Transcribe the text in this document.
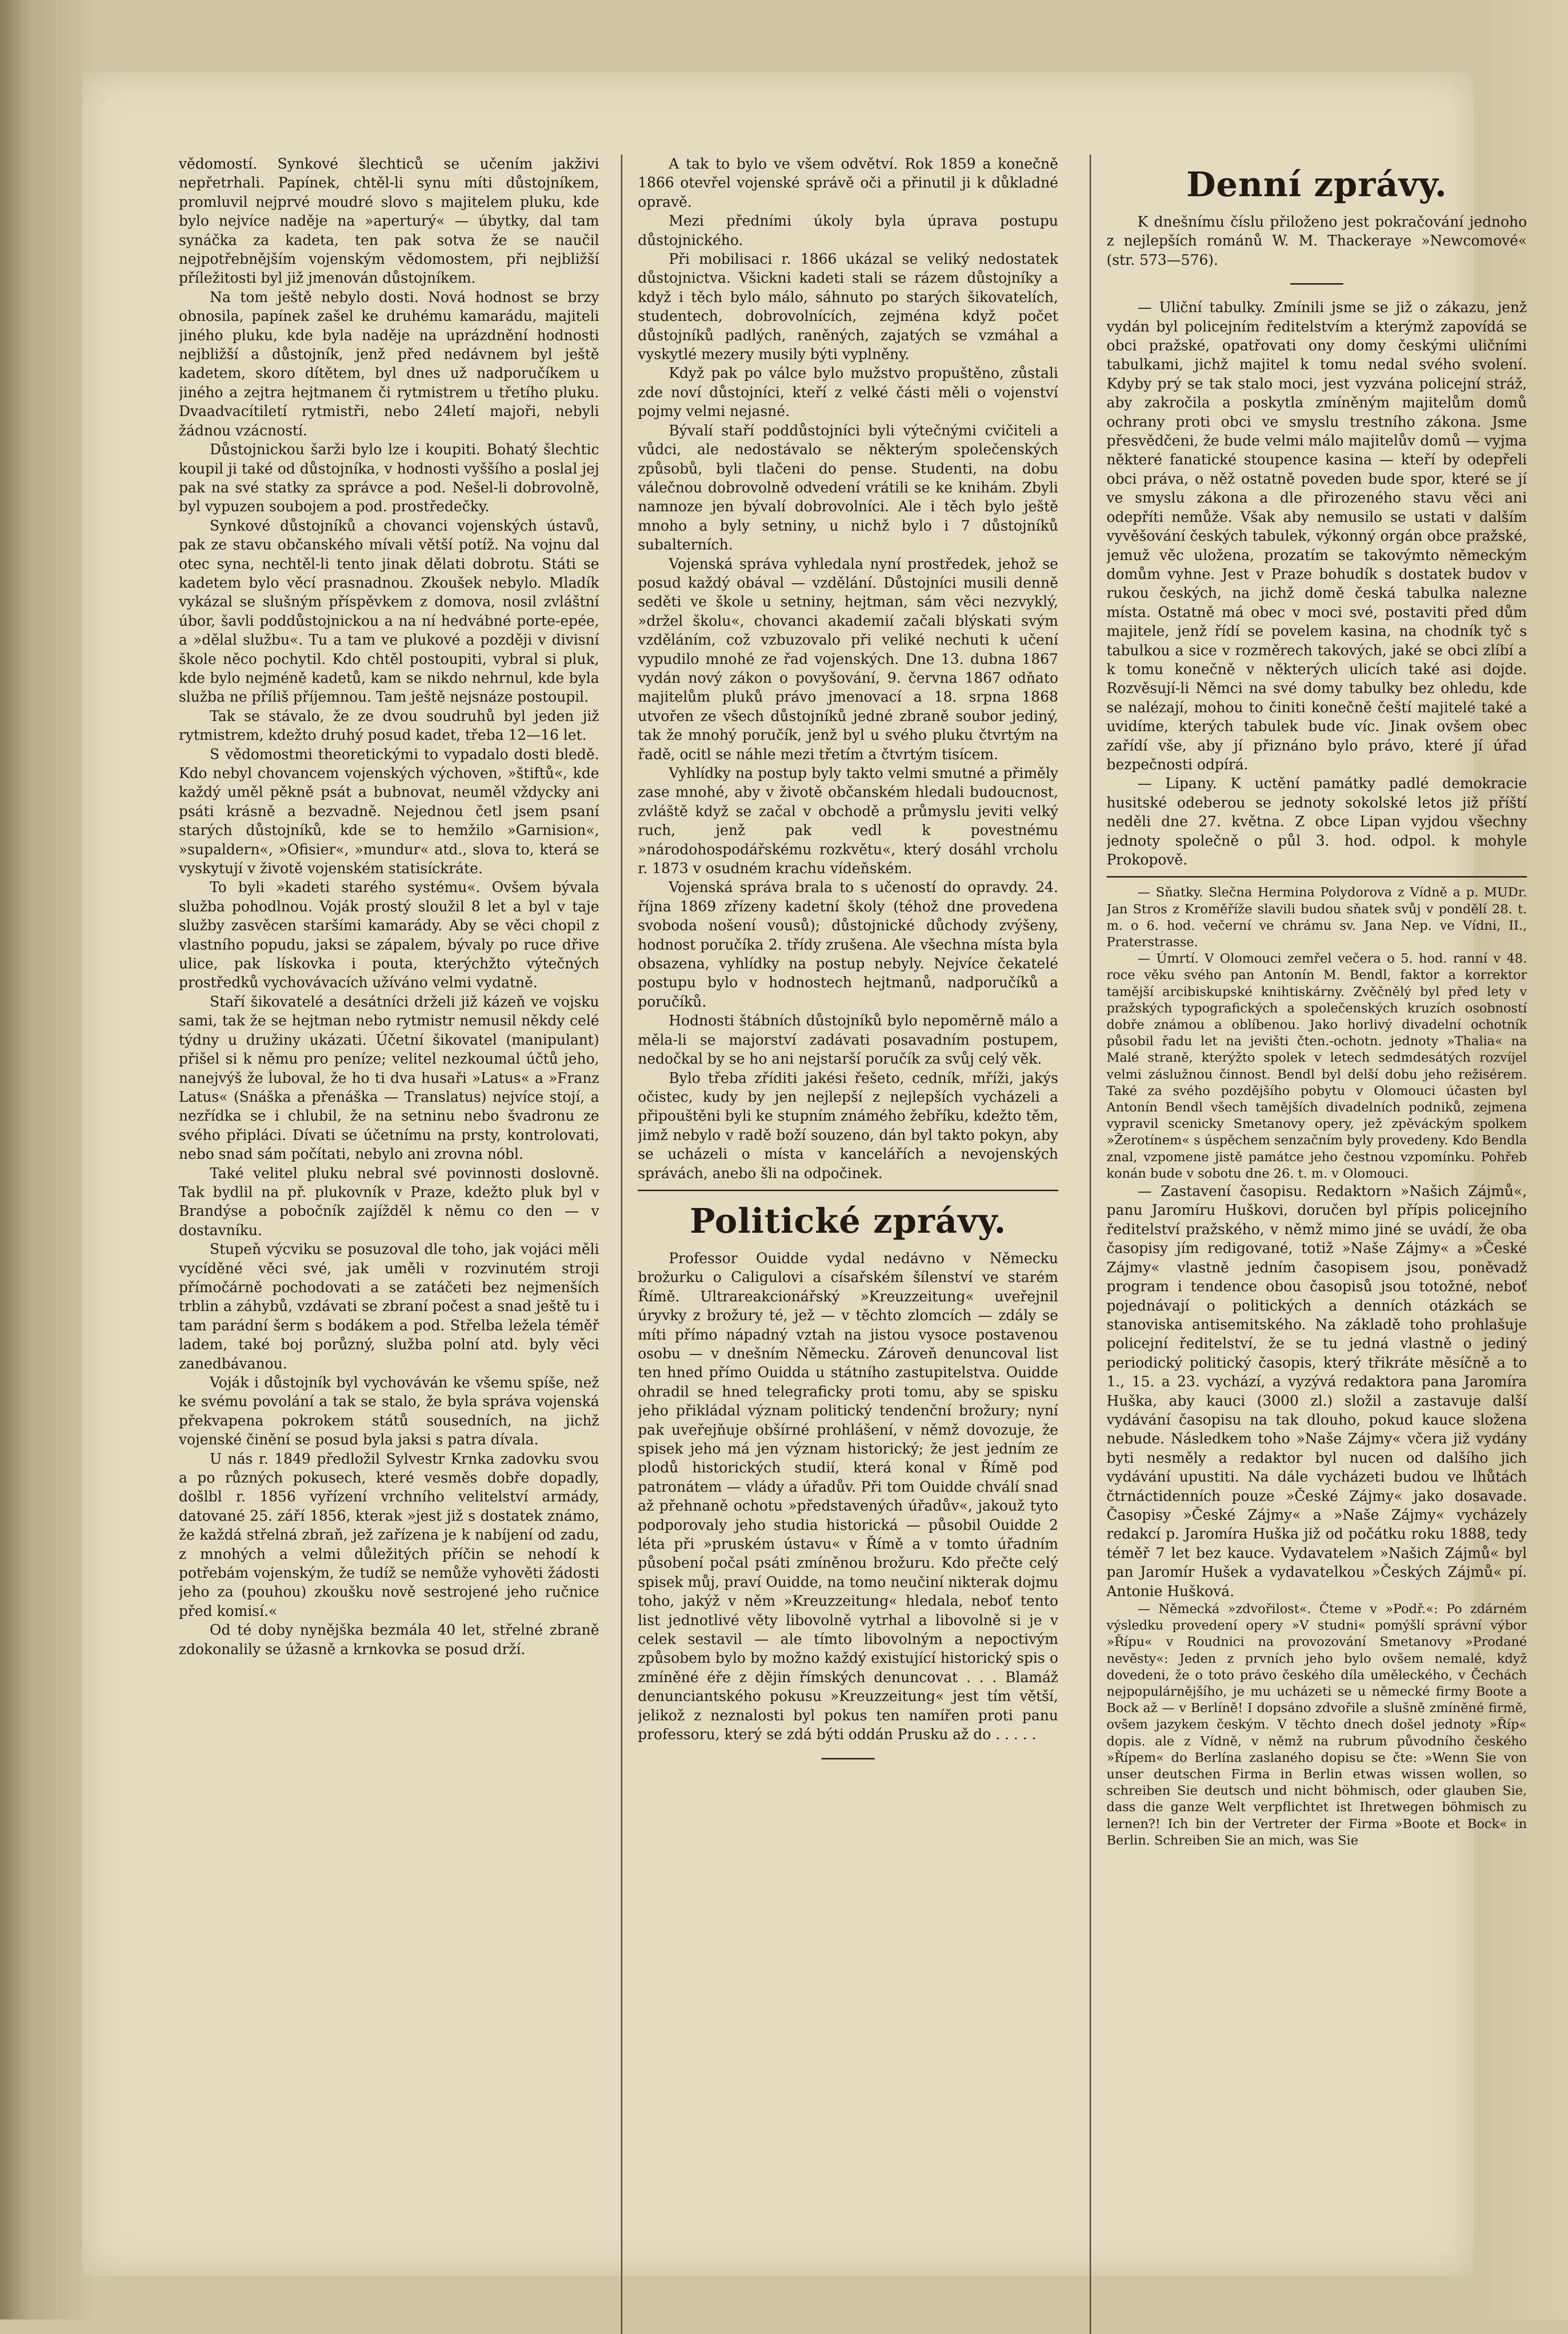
vědomostí. Synkové šlechticů se učením jakživi nepřetrhali. Papínek, chtěl-li synu míti důstojníkem, promluvil nejprvé moudré slovo s majitelem pluku, kde bylo nejvíce naděje na »aperturý« — úbytky, dal tam synáčka za kadeta, ten pak sotva že se naučil nejpotřebnějším vojenským vědomostem, při nejbližší příležitosti byl již jmenován důstojníkem.

Na tom ještě nebylo dosti. Nová hodnost se brzy obnosila, papínek zašel ke druhému kamarádu, majiteli jiného pluku, kde byla naděje na uprázdnění hodnosti nejbližší a důstojník, jenž před nedávnem byl ještě kadetem, skoro dítětem, byl dnes už nadporučíkem u jiného a zejtra hejtmanem či rytmistrem u třetího pluku. Dvaadvacítiletí rytmistři, nebo 24letí majoři, nebyli žádnou vzácností.

Důstojnickou šarži bylo lze i koupiti. Bohatý šlechtic koupil ji také od důstojníka, v hodnosti vyššího a poslal jej pak na své statky za správce a pod. Nešel-li dobrovolně, byl vypuzen soubojem a pod. prostředečky.

Synkové důstojníků a chovanci vojenských ústavů, pak ze stavu občanského mívali větší potíž. Na vojnu dal otec syna, nechtěl-li tento jinak dělati dobrotu. Státi se kadetem bylo věcí prasnadnou. Zkoušek nebylo. Mladík vykázal se slušným příspěvkem z domova, nosil zvláštní úbor, šavli poddůstojnickou a na ní hedvábné porte-epée, a »dělal službu«. Tu a tam ve plukové a později v divisní škole něco pochytil. Kdo chtěl postoupiti, vybral si pluk, kde bylo nejméně kadetů, kam se nikdo nehrnul, kde byla služba ne příliš příjemnou. Tam ještě nejsnáze postoupil.

Tak se stávalo, že ze dvou soudruhů byl jeden již rytmistrem, kdežto druhý posud kadet, třeba 12—16 let.

S vědomostmi theoretickými to vypadalo dosti bledě. Kdo nebyl chovancem vojenských výchoven, »štiftů«, kde každý uměl pěkně psát a bubnovat, neuměl vždycky ani psáti krásně a bezvadně. Nejednou četl jsem psaní starých důstojníků, kde se to hemžilo »Garnision«, »supaldern«, »Ofisier«, »mundur« atd., slova to, která se vyskytují v životě vojenském statisíckráte.

To byli »kadeti starého systému«. Ovšem bývala služba pohodlnou. Voják prostý sloužil 8 let a byl v taje služby zasvěcen staršími kamarády. Aby se věci chopil z vlastního popudu, jaksi se zápalem, bývaly po ruce dřive ulice, pak lískovka i pouta, kterýchžto výtečných prostředků vychovávacích užíváno velmi vydatně.

Staří šikovatelé a desátníci drželi již kázeň ve vojsku sami, tak že se hejtman nebo rytmistr nemusil někdy celé týdny u družiny ukázati. Účetní šikovatel (manipulant) přišel si k němu pro peníze; velitel nezkoumal účtů jeho, nanejvýš že ĺuboval, že ho ti dva husaři »Latus« a »Franz Latus« (Snáška a přenáška — Translatus) nejvíce stojí, a nezřídka se i chlubil, že na setninu nebo švadronu ze svého připláci. Dívati se účetnímu na prsty, kontrolovati, nebo snad sám počítati, nebylo ani zrovna nóbl.

Také velitel pluku nebral své povinnosti doslovně. Tak bydlil na př. plukovník v Praze, kdežto pluk byl v Brandýse a pobočník zajížděl k němu co den — v dostavníku.

Stupeň výcviku se posuzoval dle toho, jak vojáci měli vycíděné věci své, jak uměli v rozvinutém stroji přímočárně pochodovati a se zatáčeti bez nejmenších trblin a záhybů, vzdávati se zbraní počest a snad ještě tu i tam parádní šerm s bodákem a pod. Střelba ležela téměř ladem, také boj porůzný, služba polní atd. byly věci zanedbávanou.

Voják i důstojník byl vychováván ke všemu spíše, než ke svému povolání a tak se stalo, že byla správa vojenská překvapena pokrokem států sousedních, na jichž vojenské činění se posud byla jaksi s patra dívala.

U nás r. 1849 předložil Sylvestr Krnka zadovku svou a po různých pokusech, které vesměs dobře dopadly, došlbl r. 1856 vyřízení vrchního velitelství armády, datované 25. září 1856, kterak »jest již s dostatek známo, že každá střelná zbraň, jež zařízena je k nabíjení od zadu, z mnohých a velmi důležitých příčin se nehodí k potřebám vojenským, že tudíž se nemůže vyhověti žádosti jeho za (pouhou) zkoušku nově sestrojené jeho ručnice před komisí.«

Od té doby nynějška bezmála 40 let, střelné zbraně zdokonalily se úžasně a krnkovka se posud drží.

A tak to bylo ve všem odvětví. Rok 1859 a konečně 1866 otevřel vojenské správě oči a přinutil ji k důkladné opravě.

Mezi předními úkoly byla úprava postupu důstojnického.

Při mobilisaci r. 1866 ukázal se veliký nedostatek důstojnictva. Všickni kadeti stali se rázem důstojníky a když i těch bylo málo, sáhnuto po starých šikovatelích, studentech, dobrovolnících, zejména když počet důstojníků padlých, raněných, zajatých se vzmáhal a vyskytlé mezery musily býti vyplněny.

Když pak po válce bylo mužstvo propuštěno, zůstali zde noví důstojníci, kteří z velké části měli o vojenství pojmy velmi nejasné.

Bývalí staří poddůstojníci byli výtečnými cvičiteli a vůdci, ale nedostávalo se některým společenských způsobů, byli tlačeni do pense. Studenti, na dobu válečnou dobrovolně odvedení vrátili se ke knihám. Zbyli namnoze jen bývalí dobrovolníci. Ale i těch bylo ještě mnoho a byly setniny, u nichž bylo i 7 důstojníků subalterních.

Vojenská správa vyhledala nyní prostředek, jehož se posud každý obával — vzdělání. Důstojníci musili denně seděti ve škole u setniny, hejtman, sám věci nezvyklý, »držel školu«, chovanci akademií začali blýskati svým vzděláním, což vzbuzovalo při veliké nechuti k učení vypudilo mnohé ze řad vojenských. Dne 13. dubna 1867 vydán nový zákon o povyšování, 9. června 1867 odňato majitelům pluků právo jmenovací a 18. srpna 1868 utvořen ze všech důstojníků jedné zbraně soubor jediný, tak že mnohý poručík, jenž byl u svého pluku čtvrtým na řadě, ocitl se náhle mezi třetím a čtvrtým tisícem.

Vyhlídky na postup byly takto velmi smutné a přiměly zase mnohé, aby v životě občanském hledali budoucnost, zvláště když se začal v obchodě a průmyslu jeviti velký ruch, jenž pak vedl k povestnému »národohospodářskému rozkvětu«, který dosáhl vrcholu r. 1873 v osudném krachu vídeňském.

Vojenská správa brala to s učeností do opravdy. 24. října 1869 zřízeny kadetní školy (téhož dne provedena svoboda nošení vousů); důstojnické důchody zvýšeny, hodnost poručíka 2. třídy zrušena. Ale všechna místa byla obsazena, vyhlídky na postup nebyly. Nejvíce čekatelé postupu bylo v hodnostech hejtmanů, nadporučíků a poručíků.

Hodnosti štábních důstojníků bylo nepoměrně málo a měla-li se majorství zadávati posavadním postupem, nedočkal by se ho ani nejstarší poručík za svůj celý věk.

Bylo třeba zříditi jakési řešeto, cedník, mříži, jakýs očistec, kudy by jen nejlepší z nejlepších vycházeli a připouštěni byli ke stupním známého žebříku, kdežto těm, jimž nebylo v radě boží souzeno, dán byl takto pokyn, aby se ucházeli o místa v kancelářích a nevojenských správách, anebo šli na odpočinek.

Politické zprávy.

Professor Ouidde vydal nedávno v Německu brožurku o Caligulovi a císařském šílenství ve starém Římě. Ultrareakcionářský »Kreuzzeitung« uveřejnil úryvky z brožury té, jež — v těchto zlomcích — zdály se míti přímo nápadný vztah na jistou vysoce postavenou osobu — v dnešním Německu. Zároveň denuncoval list ten hned přímo Ouidda u státního zastupitelstva. Ouidde ohradil se hned telegraficky proti tomu, aby se spisku jeho přikládal význam politický tendenční brožury; nyní pak uveřejňuje obšírné prohlášení, v němž dovozuje, že spisek jeho má jen význam historický; že jest jedním ze plodů historických studií, která konal v Římě pod patronátem — vlády a úřadův. Při tom Ouidde chválí snad až přehnaně ochotu »představených úřadův«, jakouž tyto podporovaly jeho studia historická — působil Ouidde 2 léta při »pruském ústavu« v Římě a v tomto úřadním působení počal psáti zmíněnou brožuru. Kdo přečte celý spisek můj, praví Ouidde, na tomo neučiní nikterak dojmu toho, jakýž v něm »Kreuzzeitung« hledala, neboť tento list jednotlivé věty libovolně vytrhal a libovolně si je v celek sestavil — ale tímto libovolným a nepoctivým způsobem bylo by možno každý existující historický spis o zmíněné éře z dějin římských denuncovat . . . Blamáž denunciantského pokusu »Kreuzzeitung« jest tím větší, jelikož z neznalosti byl pokus ten namířen proti panu professoru, který se zdá býti oddán Prusku až do . . . . .

Denní zprávy.

K dnešnímu číslu přiloženo jest pokračování jednoho z nejlepších románů W. M. Thackeraye »Newcomové« (str. 573—576).

— Uliční tabulky. Zmínili jsme se již o zákazu, jenž vydán byl policejním ředitelstvím a kterýmž zapovídá se obci pražské, opatřovati ony domy českými uličními tabulkami, jichž majitel k tomu nedal svého svolení. Kdyby prý se tak stalo moci, jest vyzvána policejní stráž, aby zakročila a poskytla zmíněným majitelům domů ochrany proti obci ve smyslu trestního zákona. Jsme přesvědčeni, že bude velmi málo majitelův domů — vyjma některé fanatické stoupence kasina — kteří by odepřeli obci práva, o něž ostatně poveden bude spor, které se jí ve smyslu zákona a dle přirozeného stavu věci ani odepříti nemůže. Však aby nemusilo se ustati v dalším vyvěšování českých tabulek, výkonný orgán obce pražské, jemuž věc uložena, prozatím se takovýmto německým domům vyhne. Jest v Praze bohudík s dostatek budov v rukou českých, na jichž domě česká tabulka nalezne místa. Ostatně má obec v moci své, postaviti před dům majitele, jenž řídí se povelem kasina, na chodník tyč s tabulkou a sice v rozměrech takových, jaké se obci zlíbí a k tomu konečně v některých ulicích také asi dojde. Rozvěsují-li Němci na své domy tabulky bez ohledu, kde se nalézají, mohou to činiti konečně čeští majitelé také a uvidíme, kterých tabulek bude víc. Jinak ovšem obec zařídí vše, aby jí přiznáno bylo právo, které jí úřad bezpečnosti odpírá.

— Lipany. K uctění památky padlé demokracie husitské odeberou se jednoty sokolské letos již příští neděli dne 27. května. Z obce Lipan vyjdou všechny jednoty společně o půl 3. hod. odpol. k mohyle Prokopově.

— Sňatky. Slečna Hermina Polydorova z Vídně a p. MUDr. Jan Stros z Kroměříže slavili budou sňatek svůj v pondělí 28. t. m. o 6. hod. večerní ve chrámu sv. Jana Nep. ve Vídni, II., Praterstrasse.

— Úmrtí. V Olomouci zemřel večera o 5. hod. ranní v 48. roce věku svého pan Antonín M. Bendl, faktor a korrektor tamější arcibiskupské knihtiskárny. Zvěčnělý byl před lety v pražských typografických a společenských kruzích osobností dobře známou a oblíbenou. Jako horlivý divadelní ochotník působil řadu let na jevišti čten.-ochotn. jednoty »Thalia« na Malé straně, kterýžto spolek v letech sedmdesátých rozvíjel velmi záslužnou činnost. Bendl byl delší dobu jeho režisérem. Také za svého pozdějšího pobytu v Olomouci účasten byl Antonín Bendl všech tamějších divadelních podniků, zejmena vypravil scenicky Smetanovy opery, jež zpěváckým spolkem »Žerotínem« s úspěchem senzačním byly provedeny. Kdo Bendla znal, vzpomene jistě památce jeho čestnou vzpomínku. Pohřeb konán bude v sobotu dne 26. t. m. v Olomouci.

— Zastavení časopisu. Redaktorn »Našich Zájmů«, panu Jaromíru Huškovi, doručen byl přípis policejního ředitelství pražského, v němž mimo jiné se uvádí, že oba časopisy jím redigované, totiž »Naše Zájmy« a »České Zájmy« vlastně jedním časopisem jsou, poněvadž program i tendence obou časopisů jsou totožné, neboť pojednávají o politických a denních otázkách se stanoviska antisemitského. Na základě toho prohlašuje policejní ředitelství, že se tu jedná vlastně o jediný periodický politický časopis, který třikráte měsíčně a to 1., 15. a 23. vychází, a vyzývá redaktora pana Jaromíra Huška, aby kauci (3000 zl.) složil a zastavuje další vydávání časopisu na tak dlouho, pokud kauce složena nebude. Následkem toho »Naše Zájmy« včera již vydány byti nesměly a redaktor byl nucen od dalšího jich vydávání upustiti. Na dále vycházeti budou ve lhůtách čtrnáctidenních pouze »České Zájmy« jako dosavade. Časopisy »České Zájmy« a »Naše Zájmy« vycházely redakcí p. Jaromíra Huška již od počátku roku 1888, tedy téměř 7 let bez kauce. Vydavatelem »Našich Zájmů« byl pan Jaromír Hušek a vydavatelkou »Českých Zájmů« pí. Antonie Hušková.

— Německá »zdvořilost«. Čteme v »Podř.«: Po zdárném výsledku provedení opery »V studni« pomýšlí správní výbor »Řípu« v Roudnici na provozování Smetanovy »Prodané nevěsty«: Jeden z prvních jeho bylo ovšem nemalé, když dovedeni, že o toto právo českého díla uměleckého, v Čechách nejpopulárnějšího, je mu ucházeti se u německé firmy Boote a Bock až — v Berlíně! I dopsáno zdvořile a slušně zmíněné firmě, ovšem jazykem českým. V těchto dnech došel jednoty »Říp« dopis. ale z Vídně, v němž na rubrum původního českého »Řípem« do Berlína zaslaného dopisu se čte: »Wenn Sie von unser deutschen Firma in Berlin etwas wissen wollen, so schreiben Sie deutsch und nicht böhmisch, oder glauben Sie, dass die ganze Welt verpflichtet ist Ihretwegen böhmisch zu lernen?! Ich bin der Vertreter der Firma »Boote et Bock« in Berlin. Schreiben Sie an mich, was Sie
